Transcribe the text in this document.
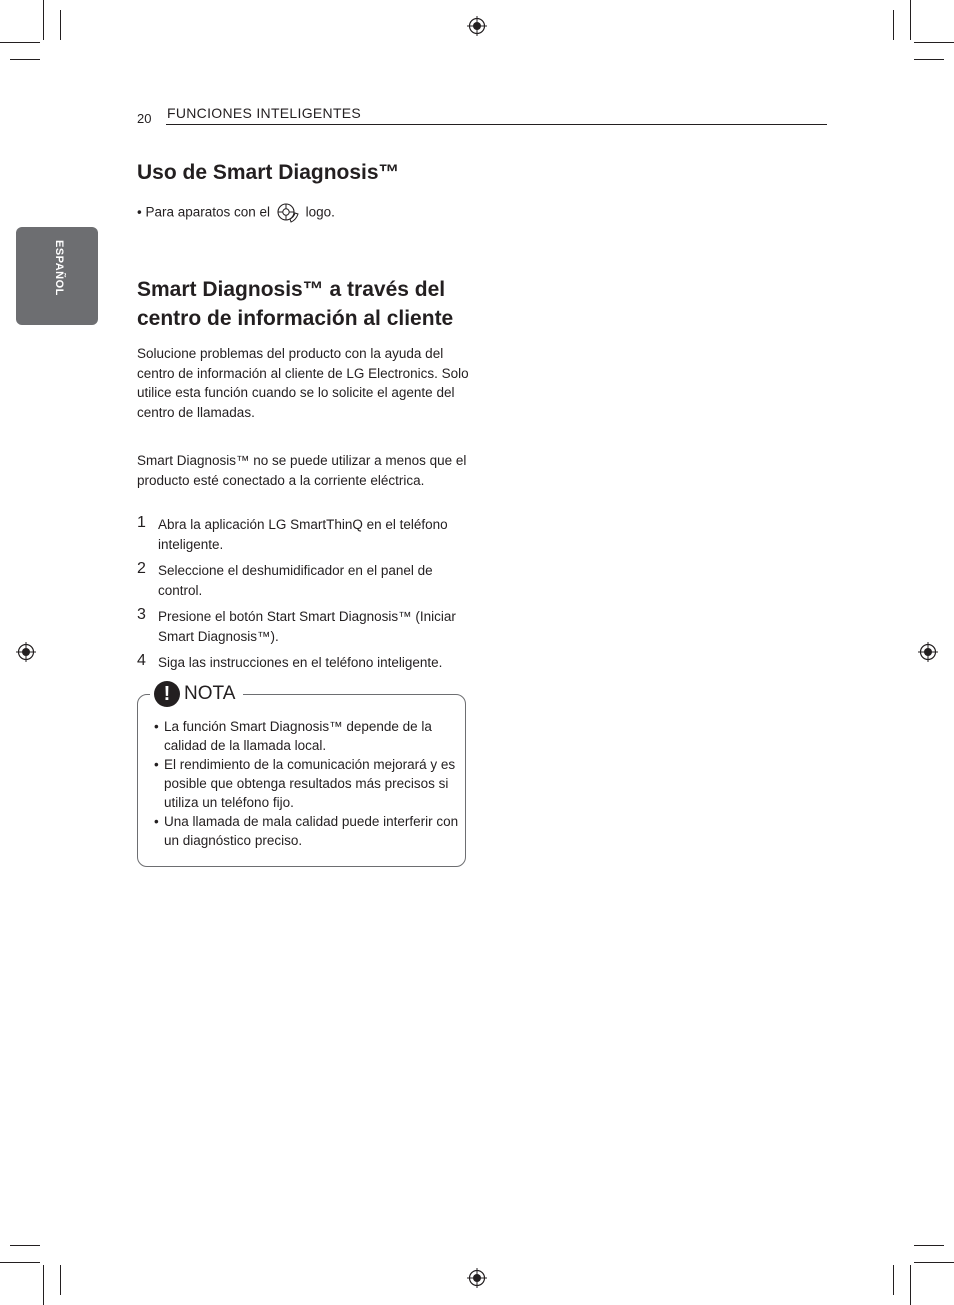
20 FUNCIONES INTELIGENTES
ESPAÑOL
Uso de Smart Diagnosis™
• Para aparatos con el	logo.
Smart Diagnosis™ a través del
centro de información al cliente

Solucione problemas del producto con la ayuda del centro de información al cliente de LG Electronics. Solo utilice esta función cuando se lo solicite el agente del centro de llamadas.

Smart Diagnosis™ no se puede utilizar a menos que el producto esté conectado a la corriente eléctrica.

1 Abra la aplicación LG SmartThinQ en el teléfono inteligente.
2 Seleccione el deshumidificador en el panel de control.
3 Presione el botón Start Smart Diagnosis™ (Iniciar Smart Diagnosis™).
4 Siga las instrucciones en el teléfono inteligente.
! NOTA
• La función Smart Diagnosis™ depende de la calidad de la llamada local.
• El rendimiento de la comunicación mejorará y es posible que obtenga resultados más precisos si utiliza un teléfono fijo.
• Una llamada de mala calidad puede interferir con un diagnóstico preciso.
